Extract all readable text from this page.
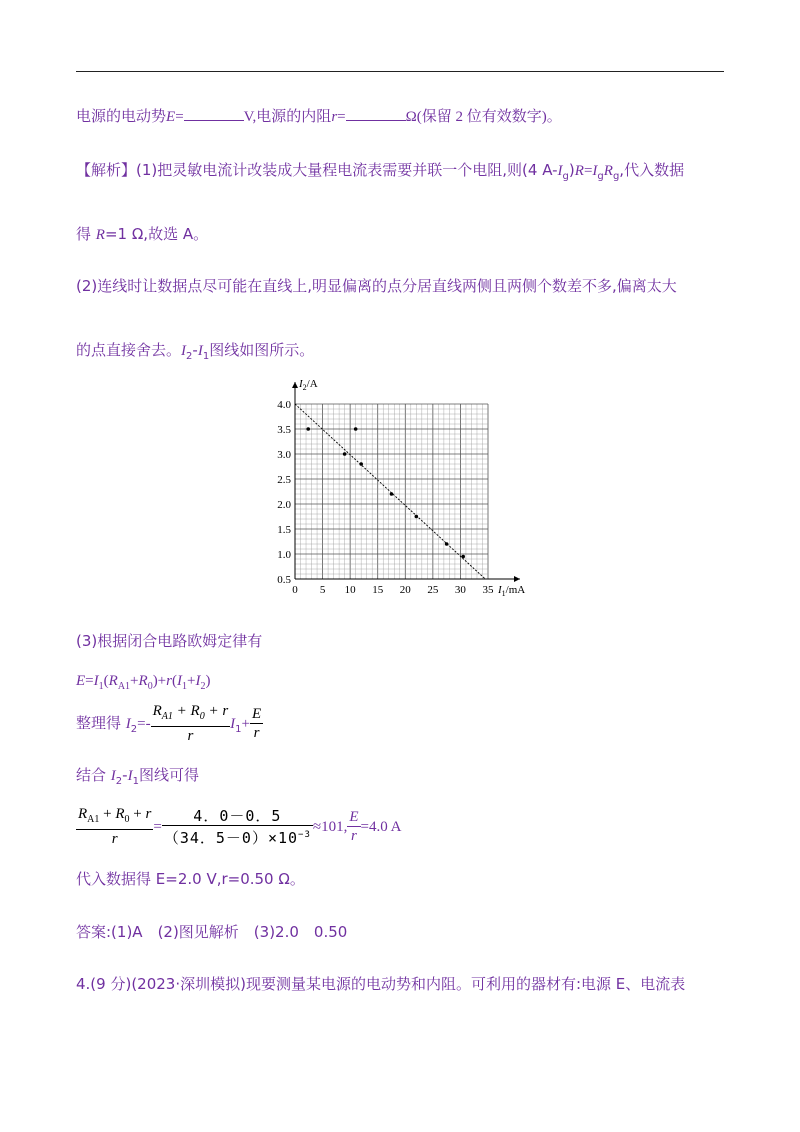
电源的电动势E=	V,电源的内阻r=	Ω(保留 2 位有效数字)。
【解析】(1)把灵敏电流计改装成大量程电流表需要并联一个电阻,则(4 $A-I_g)R=I_gR_g$,代入数据
得 R=1 Ω,故选 A。
(2)连线时让数据点尽可能在直线上,明显偏离的点分居直线两侧且两侧个数差不多,偏离太大
的点直接舍去。$I_2-I_1$图线如图所示。
0 5 10 15 20 25 30 35
0.5
1.0
1.5
2.0
2.5
3.0
3.5
4.0
$I_2/A$
$I_1/mA$
(3)根据闭合电路欧姆定律有
$E=I_1(R_{A1}+R_0)+r(I_1+I_2)$
整理得 $I_2=- \frac{R_{A1} + R_0 + r}{r} I_1+ \frac{E}{r}$
结合 $I_2-I_1$图线可得
$\frac{R_{A1} + R_0 + r}{r} = \frac{4.0-0.5}{(34.5-0)\times 10^{-3}} \approx 101$, $\frac{E}{r} =4.0$ A
代入数据得 E=2.0 V,r=0.50 Ω。
答案:(1)A　(2)图见解析　(3)2.0　0.50
4.(9 分)(2023·深圳模拟)现要测量某电源的电动势和内阻。可利用的器材有:电源 E、电流表
